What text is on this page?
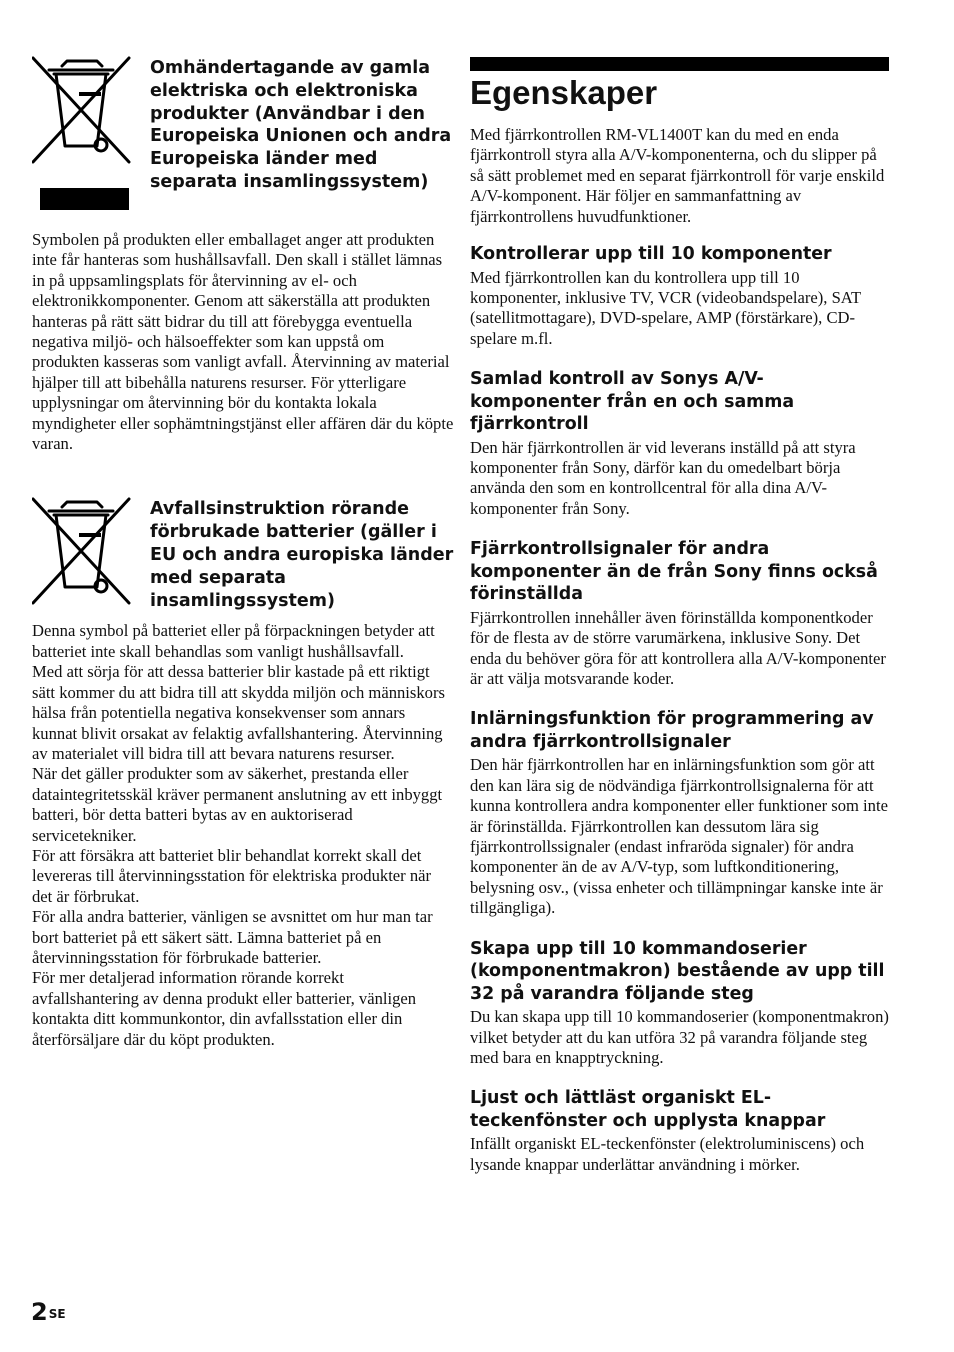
Omhändertagande av gamla elektriska och elektroniska produkter (Användbar i den Europeiska Unionen och andra Europeiska länder med separata insamlingssystem)

Symbolen på produkten eller emballaget anger att produkten inte får hanteras som hushållsavfall. Den skall i stället lämnas in på uppsamlingsplats för återvinning av el- och elektronikkomponenter. Genom att säkerställa att produkten hanteras på rätt sätt bidrar du till att förebygga eventuella negativa miljö- och hälsoeffekter som kan uppstå om produkten kasseras som vanligt avfall. Återvinning av material hjälper till att bibehålla naturens resurser. För ytterligare upplysningar om återvinning bör du kontakta lokala myndigheter eller sophämtningstjänst eller affären där du köpte varan.

Avfallsinstruktion rörande förbrukade batterier (gäller i EU och andra europiska länder med separata insamlingssystem)

Denna symbol på batteriet eller på förpackningen betyder att batteriet inte skall behandlas som vanligt hushållsavfall.

Med att sörja för att dessa batterier blir kastade på ett riktigt sätt kommer du att bidra till att skydda miljön och människors hälsa från potentiella negativa konsekvenser som annars kunnat blivit orsakat av felaktig avfallshantering. Återvinning av materialet vill bidra till att bevara naturens resurser.

När det gäller produkter som av säkerhet, prestanda eller dataintegritetsskäl kräver permanent anslutning av ett inbyggt batteri, bör detta batteri bytas av en auktoriserad servicetekniker.

För att försäkra att batteriet blir behandlat korrekt skall det levereras till återvinningsstation för elektriska produkter när det är förbrukat.

För alla andra batterier, vänligen se avsnittet om hur man tar bort batteriet på ett säkert sätt. Lämna batteriet på en återvinningsstation för förbrukade batterier.

För mer detaljerad information rörande korrekt avfallshantering av denna produkt eller batterier, vänligen kontakta ditt kommunkontor, din avfallsstation eller din återförsäljare där du köpt produkten.

Egenskaper
Med fjärrkontrollen RM-VL1400T kan du med en enda fjärrkontroll styra alla A/V-komponenterna, och du slipper på så sätt problemet med en separat fjärrkontroll för varje enskild A/V-komponent. Här följer en sammanfattning av fjärrkontrollens huvudfunktioner.
Kontrollerar upp till 10 komponenter
Med fjärrkontrollen kan du kontrollera upp till 10 komponenter, inklusive TV, VCR (videobandspelare), SAT (satellitmottagare), DVD-spelare, AMP (förstärkare), CD-spelare m.fl.
Samlad kontroll av Sonys A/V-komponenter från en och samma fjärrkontroll
Den här fjärrkontrollen är vid leverans inställd på att styra komponenter från Sony, därför kan du omedelbart börja använda den som en kontrollcentral för alla dina A/V-komponenter från Sony.
Fjärrkontrollsignaler för andra komponenter än de från Sony finns också förinställda
Fjärrkontrollen innehåller även förinställda komponentkoder för de flesta av de större varumärkena, inklusive Sony. Det enda du behöver göra för att kontrollera alla A/V-komponenter är att välja motsvarande koder.
Inlärningsfunktion för programmering av andra fjärrkontrollsignaler
Den här fjärrkontrollen har en inlärningsfunktion som gör att den kan lära sig de nödvändiga fjärrkontrollsignalerna för att kunna kontrollera andra komponenter eller funktioner som inte är förinställda. Fjärrkontrollen kan dessutom lära sig fjärrkontrollssignaler (endast infraröda signaler) för andra komponenter än de av A/V-typ, som luftkonditionering, belysning osv., (vissa enheter och tillämpningar kanske inte är tillgängliga).
Skapa upp till 10 kommandoserier (komponentmakron) bestående av upp till 32 på varandra följande steg
Du kan skapa upp till 10 kommandoserier (komponentmakron) vilket betyder att du kan utföra 32 på varandra följande steg med bara en knapptryckning.
Ljust och lättläst organiskt EL-teckenfönster och upplysta knappar
Infällt organiskt EL-teckenfönster (elektroluminiscens) och lysande knappar underlättar användning i mörker.
$2^{SE}$
